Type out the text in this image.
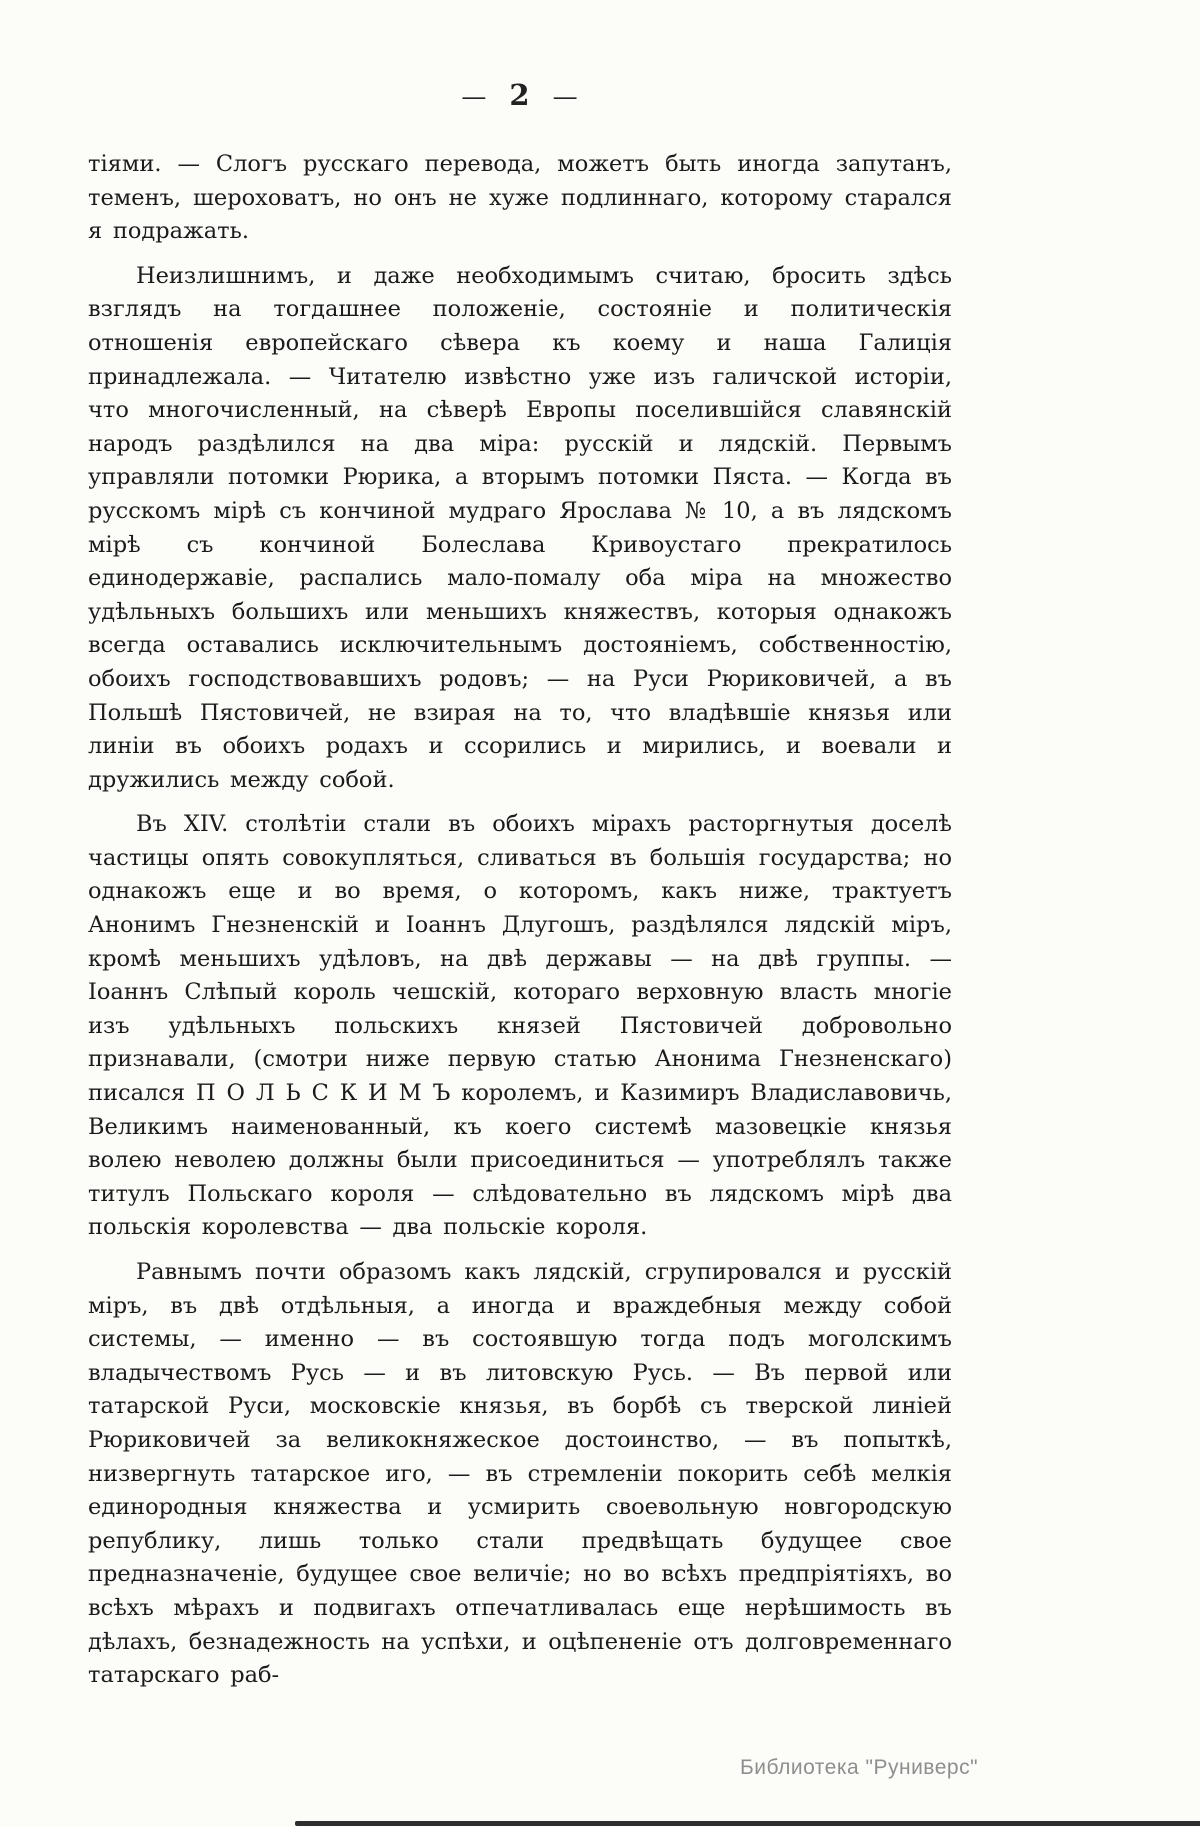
— 2 —

тіями. — Слогъ русскаго перевода, можетъ быть иногда запутанъ, теменъ, шероховатъ, но онъ не хуже подлиннаго, которому старался я подражать.

Неизлишнимъ, и даже необходимымъ считаю, бросить здѣсь взглядъ на тогдашнее положеніе, состояніе и политическія отношенія европейскаго сѣвера къ коему и наша Галиція принадлежала. — Читателю извѣстно уже изъ галичской исторіи, что многочисленный, на сѣверѣ Европы поселившійся славянскій народъ раздѣлился на два міра: русскій и лядскій. Первымъ управляли потомки Рюрика, а вторымъ потомки Пяста. — Когда въ русскомъ мірѣ съ кончиной мудраго Ярослава № 10, а въ лядскомъ мірѣ съ кончиной Болеслава Кривоустаго прекратилось единодержавіе, распались мало-помалу оба міра на множество удѣльныхъ большихъ или меньшихъ княжествъ, которыя однакожъ всегда оставались исключительнымъ достояніемъ, собственностію, обоихъ господствовавшихъ родовъ; — на Руси Рюриковичей, а въ Польшѣ Пястовичей, не взирая на то, что владѣвшіе князья или линіи въ обоихъ родахъ и ссорились и мирились, и воевали и дружились между собой.

Въ XIV. столѣтіи стали въ обоихъ мірахъ расторгнутыя доселѣ частицы опять совокупляться, сливаться въ большія государства; но однакожъ еще и во время, о которомъ, какъ ниже, трактуетъ Анонимъ Гнезненскій и Іоаннъ Длугошъ, раздѣлялся лядскій міръ, кромѣ меньшихъ удѣловъ, на двѣ державы — на двѣ группы. — Іоаннъ Слѣпый король чешскій, котораго верховную власть многіе изъ удѣльныхъ польскихъ князей Пястовичей добровольно признавали, (смотри ниже первую статью Анонима Гнезненскаго) писался П О Л Ь С К И М Ъ королемъ, и Казимиръ Владиславовичь, Великимъ наименованный, къ коего системѣ мазовецкіе князья волею неволею должны были присоединиться — употреблялъ также титулъ Польскаго короля — слѣдовательно въ лядскомъ мірѣ два польскія королевства — два польскіе короля.

Равнымъ почти образомъ какъ лядскій, сгрупировался и русскій міръ, въ двѣ отдѣльныя, а иногда и враждебныя между собой системы, — именно — въ состоявшую тогда подъ моголскимъ владычествомъ Русь — и въ литовскую Русь. — Въ первой или татарской Руси, московскіе князья, въ борбѣ съ тверской линіей Рюриковичей за великокняжеское достоинство, — въ попыткѣ, низвергнуть татарское иго, — въ стремленіи покорить себѣ мелкія единородныя княжества и усмирить своевольную новгородскую републику, лишь только стали предвѣщать будущее свое предназначеніе, будущее свое величіе; но во всѣхъ предпріятіяхъ, во всѣхъ мѣрахъ и подвигахъ отпечатливалась еще нерѣшимость въ дѣлахъ, безнадежность на успѣхи, и оцѣпененіе отъ долговременнаго татарскаго раб-

Библиотека "Руниверс"
